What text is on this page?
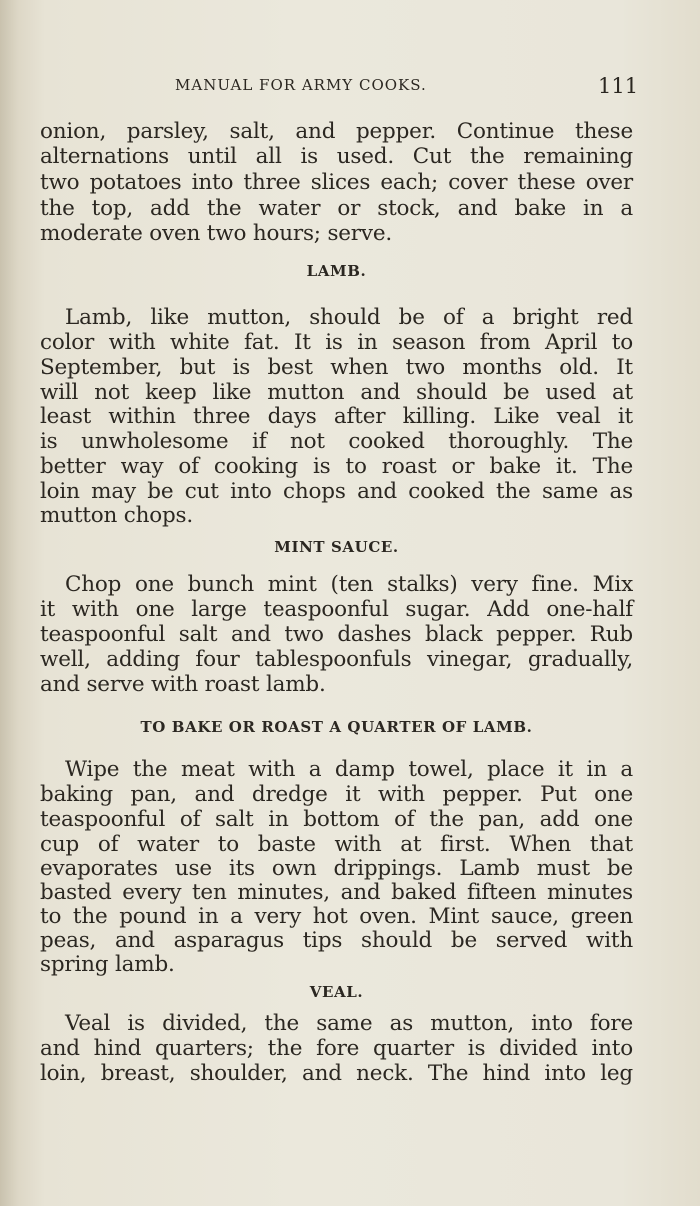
MANUAL FOR ARMY COOKS.	111
onion, parsley, salt, and pepper. Continue these
alternations until all is used. Cut the remaining
two potatoes into three slices each; cover these over
the top, add the water or stock, and bake in a
moderate oven two hours; serve.
LAMB.
Lamb, like mutton, should be of a bright red
color with white fat. It is in season from April to
September, but is best when two months old. It
will not keep like mutton and should be used at
least within three days after killing. Like veal it
is unwholesome if not cooked thoroughly. The
better way of cooking is to roast or bake it. The
loin may be cut into chops and cooked the same as
mutton chops.
MINT SAUCE.
Chop one bunch mint (ten stalks) very fine. Mix
it with one large teaspoonful sugar. Add one-half
teaspoonful salt and two dashes black pepper. Rub
well, adding four tablespoonfuls vinegar, gradually,
and serve with roast lamb.
TO BAKE OR ROAST A QUARTER OF LAMB.
Wipe the meat with a damp towel, place it in a
baking pan, and dredge it with pepper. Put one
teaspoonful of salt in bottom of the pan, add one
cup of water to baste with at first. When that
evaporates use its own drippings. Lamb must be
basted every ten minutes, and baked fifteen minutes
to the pound in a very hot oven. Mint sauce, green
peas, and asparagus tips should be served with
spring lamb.
VEAL.
Veal is divided, the same as mutton, into fore
and hind quarters; the fore quarter is divided into
loin, breast, shoulder, and neck. The hind into leg
